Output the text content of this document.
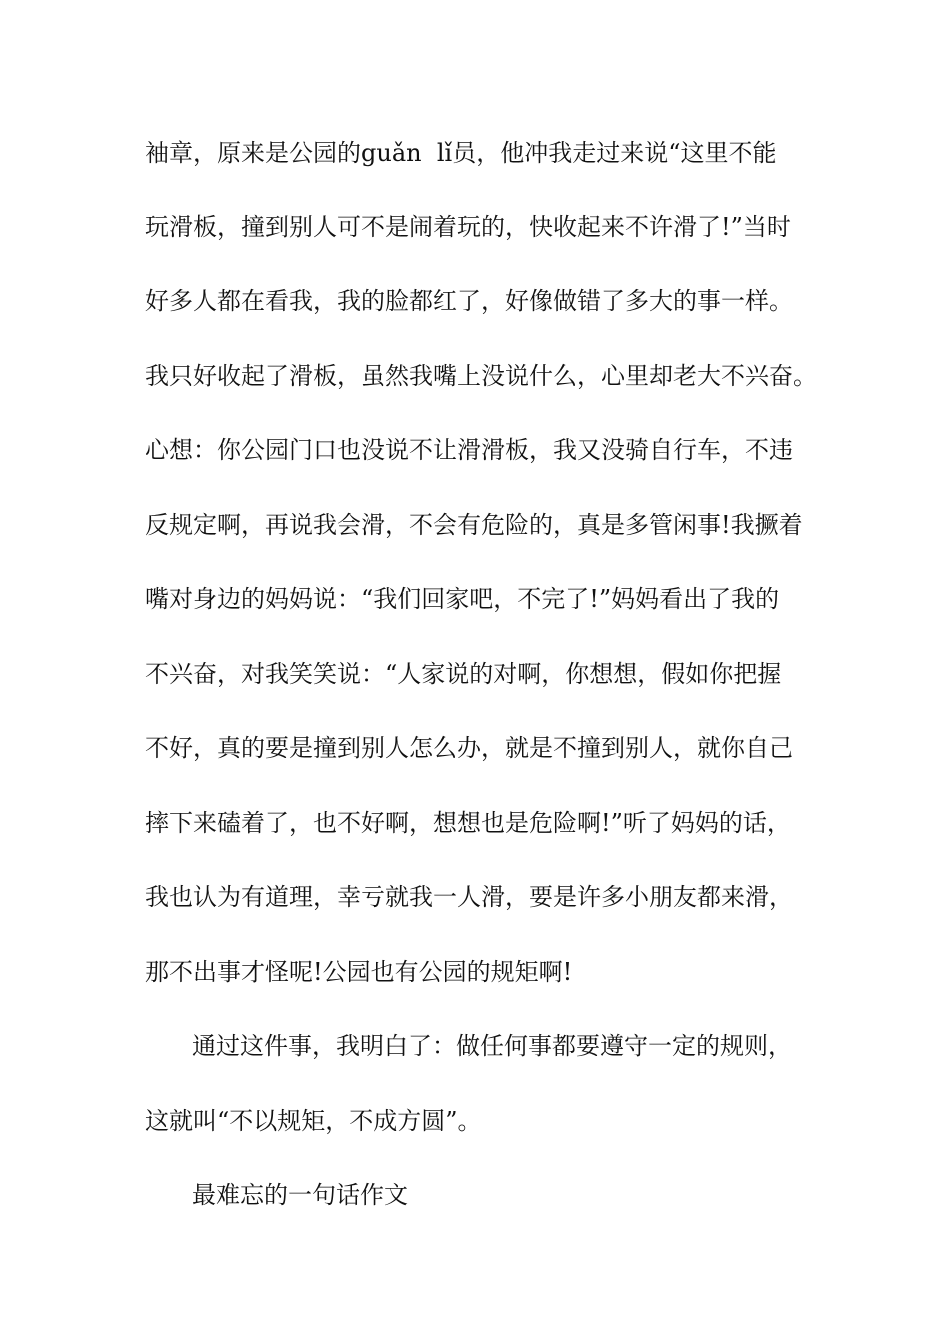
袖章，原来是公园的guǎn  lǐ员，他冲我走过来说“这里不能

玩滑板，撞到别人可不是闹着玩的，快收起来不许滑了!”当时

好多人都在看我，我的脸都红了，好像做错了多大的事一样。

我只好收起了滑板，虽然我嘴上没说什么，心里却老大不兴奋。

心想：你公园门口也没说不让滑滑板，我又没骑自行车，不违

反规定啊，再说我会滑，不会有危险的，真是多管闲事!我撅着

嘴对身边的妈妈说：“我们回家吧，不完了!”妈妈看出了我的

不兴奋，对我笑笑说：“人家说的对啊，你想想，假如你把握

不好，真的要是撞到别人怎么办，就是不撞到别人，就你自己

摔下来磕着了，也不好啊，想想也是危险啊!”听了妈妈的话，

我也认为有道理，幸亏就我一人滑，要是许多小朋友都来滑，

那不出事才怪呢!公园也有公园的规矩啊!

通过这件事，我明白了：做任何事都要遵守一定的规则，

这就叫“不以规矩，不成方圆”。

最难忘的一句话作文
